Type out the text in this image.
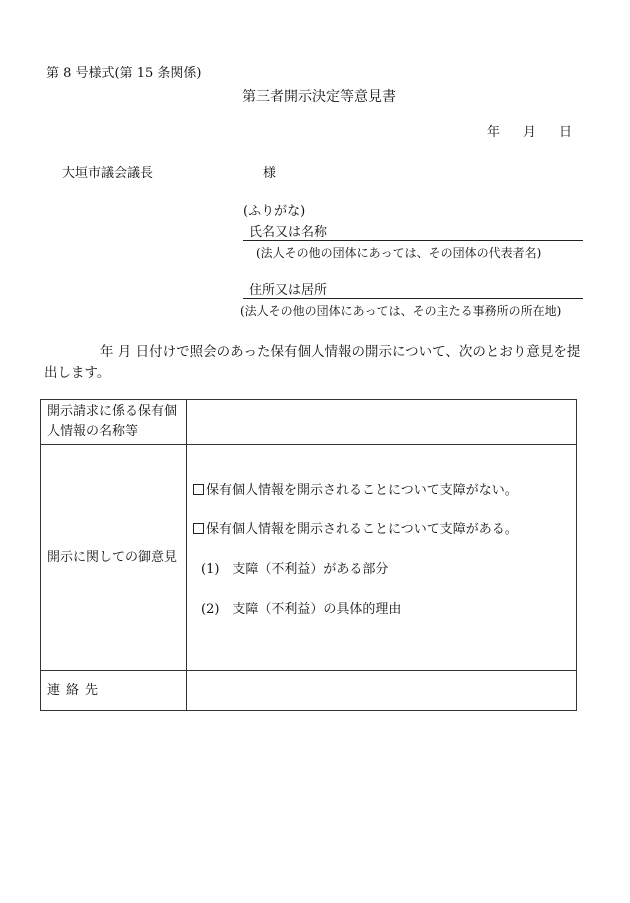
第 8 号様式(第 15 条関係)
第三者開示決定等意見書
年 月 日
大垣市議会議長	様
(ふりがな)
氏名又は名称
(法人その他の団体にあっては、その団体の代表者名)
住所又は居所
(法人その他の団体にあっては、その主たる事務所の所在地)
年 月 日付けで照会のあった保有個人情報の開示について、次のとおり意見を提
出します。
開示請求に係る保有個人情報の名称等	
開示に関しての御意見	保有個人情報を開示されることについて支障がない。
保有個人情報を開示されることについて支障がある。
(1)　支障（不利益）がある部分
(2)　支障（不利益）の具体的理由

連絡先	
